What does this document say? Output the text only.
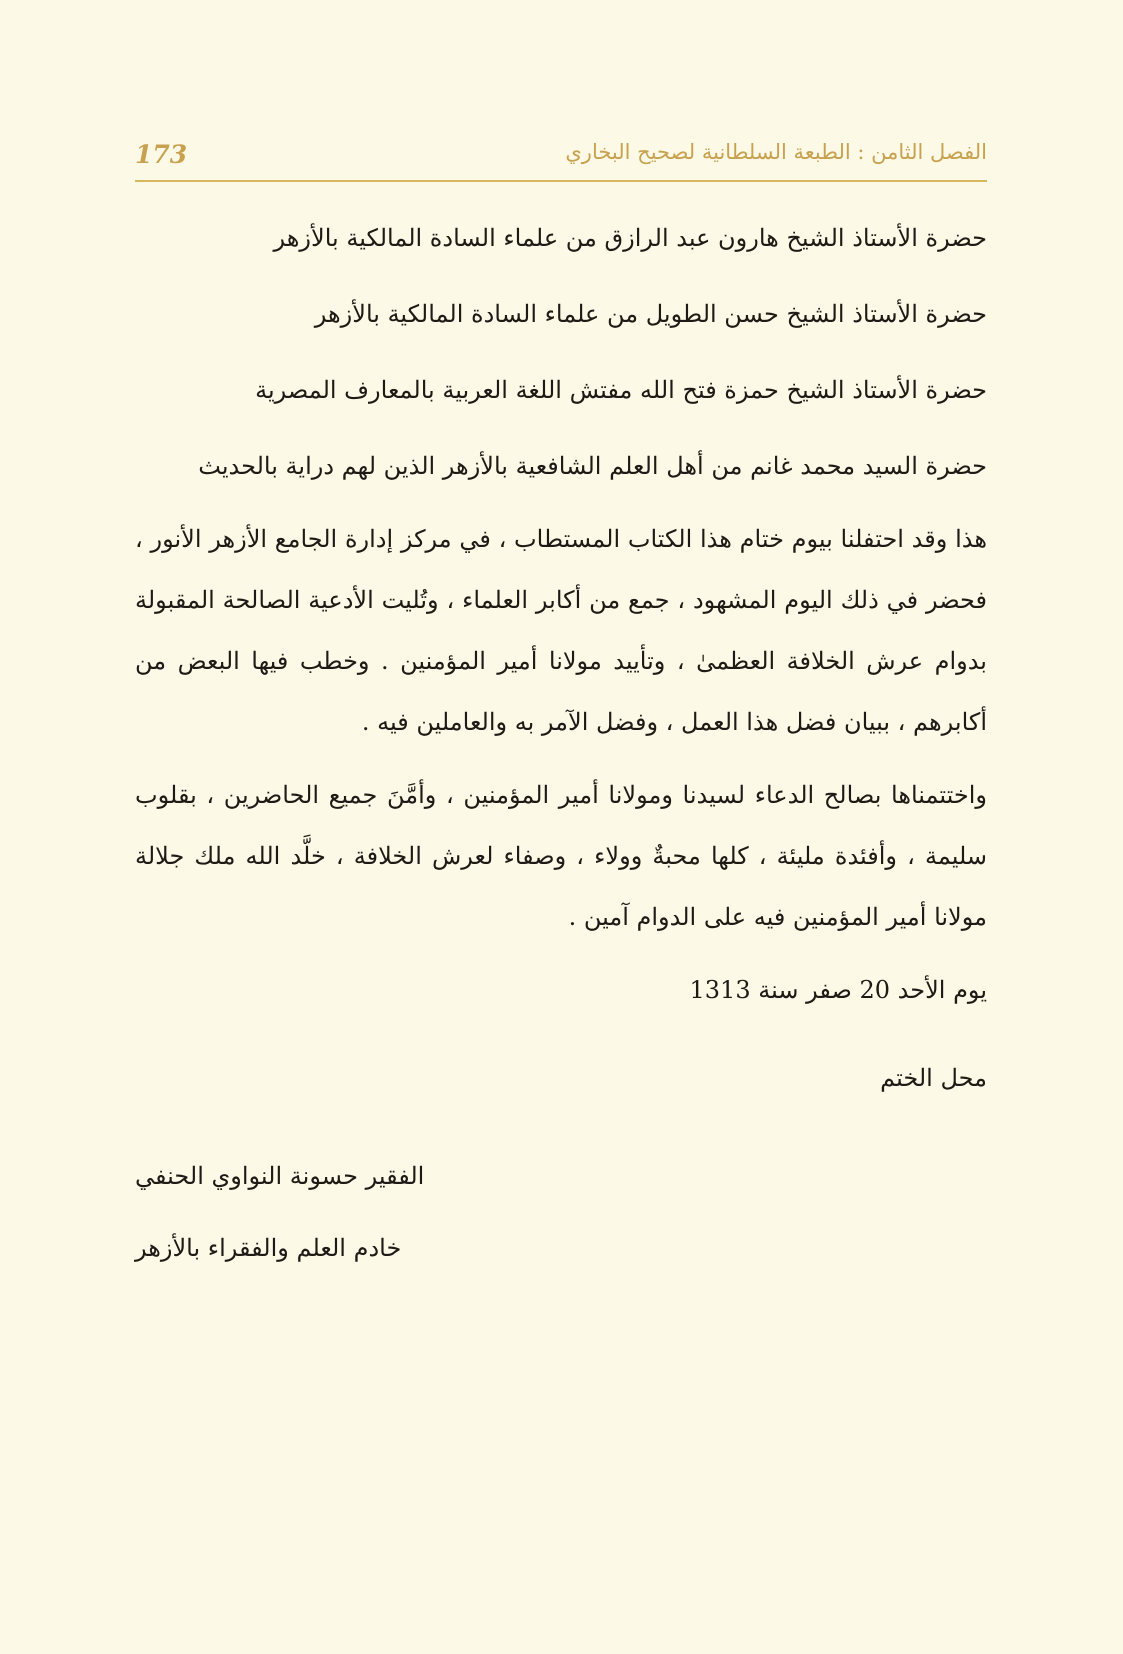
173	الفصل الثامن : الطبعة السلطانية لصحيح البخاري

حضرة الأستاذ الشيخ هارون عبد الرازق من علماء السادة المالكية بالأزهر

حضرة الأستاذ الشيخ حسن الطويل من علماء السادة المالكية بالأزهر

حضرة الأستاذ الشيخ حمزة فتح الله مفتش اللغة العربية بالمعارف المصرية

حضرة السيد محمد غانم من أهل العلم الشافعية بالأزهر الذين لهم دراية بالحديث

هذا وقد احتفلنا بيوم ختام هذا الكتاب المستطاب ، في مركز إدارة الجامع الأزهر الأنور ، فحضر في ذلك اليوم المشهود ، جمع من أكابر العلماء ، وتُليت الأدعية الصالحة المقبولة بدوام عرش الخلافة العظمىٰ ، وتأييد مولانا أمير المؤمنين . وخطب فيها البعض من أكابرهم ، ببيان فضل هذا العمل ، وفضل الآمر به والعاملين فيه .

واختتمناها بصالح الدعاء لسيدنا ومولانا أمير المؤمنين ، وأمَّنَ جميع الحاضرين ، بقلوب سليمة ، وأفئدة مليئة ، كلها محبةٌ وولاء ، وصفاء لعرش الخلافة ، خلَّد الله ملك جلالة مولانا أمير المؤمنين فيه على الدوام آمين .

يوم الأحد 20 صفر سنة 1313

محل الختم

الفقير حسونة النواوي الحنفي

خادم العلم والفقراء بالأزهر
